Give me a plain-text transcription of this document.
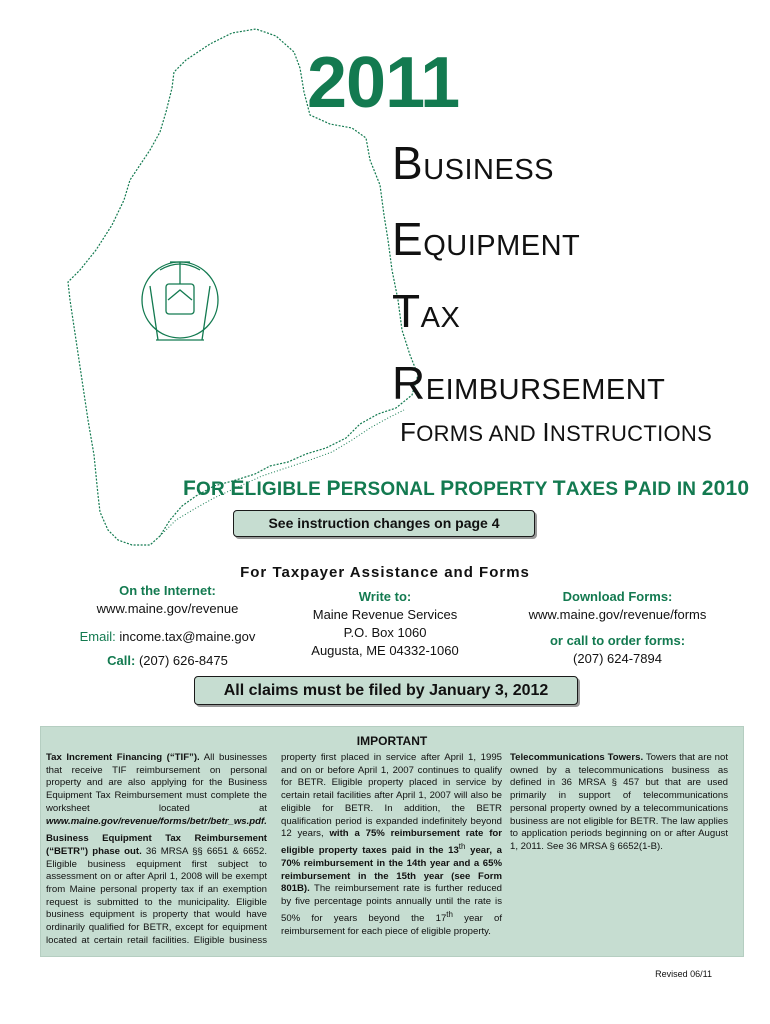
2011
BUSINESS
EQUIPMENT
TAX
REIMBURSEMENT
FORMS AND INSTRUCTIONS
FOR ELIGIBLE PERSONAL PROPERTY TAXES PAID IN 2010
See instruction changes on page 4
For Taxpayer Assistance and Forms
On the Internet:
www.maine.gov/revenue
Email: income.tax@maine.gov
Call: (207) 626-8475
Write to:
Maine Revenue Services
P.O. Box 1060
Augusta, ME 04332-1060
Download Forms:
www.maine.gov/revenue/forms
or call to order forms:
(207) 624-7894
All claims must be filed by January 3, 2012
IMPORTANT
Tax Increment Financing (“TIF”). All businesses that receive TIF reimbursement on personal property and are also applying for the Business Equipment Tax Reimbursement must complete the worksheet located at www.maine.gov/revenue/forms/betr/betr_ws.pdf.
Business Equipment Tax Reimbursement (“BETR”) phase out. 36 MRSA §§ 6651 & 6652. Eligible business equipment first subject to assessment on or after April 1, 2008 will be exempt from Maine personal property tax if an exemption request is submitted to the municipality. Eligible business equipment is property that would have ordinarily qualified for BETR, except for equipment located at certain retail facilities. Eligible business property first placed in service after April 1, 1995 and on or before April 1, 2007 continues to qualify for BETR. Eligible property placed in service by certain retail facilities after April 1, 2007 will also be eligible for BETR. In addition, the BETR qualification period is expanded indefinitely beyond 12 years, with a 75% reimbursement rate for eligible property taxes paid in the 13th year, a 70% reimbursement in the 14th year and a 65% reimbursement in the 15th year (see Form 801B). The reimbursement rate is further reduced by five percentage points annually until the rate is 50% for years beyond the 17th year of reimbursement for each piece of eligible property.
Telecommunications Towers. Towers that are not owned by a telecommunications business as defined in 36 MRSA § 457 but that are used primarily in support of telecommunications personal property owned by a telecommunications business are not eligible for BETR. The law applies to application periods beginning on or after August 1, 2011. See 36 MRSA § 6652(1-B).
Revised 06/11
